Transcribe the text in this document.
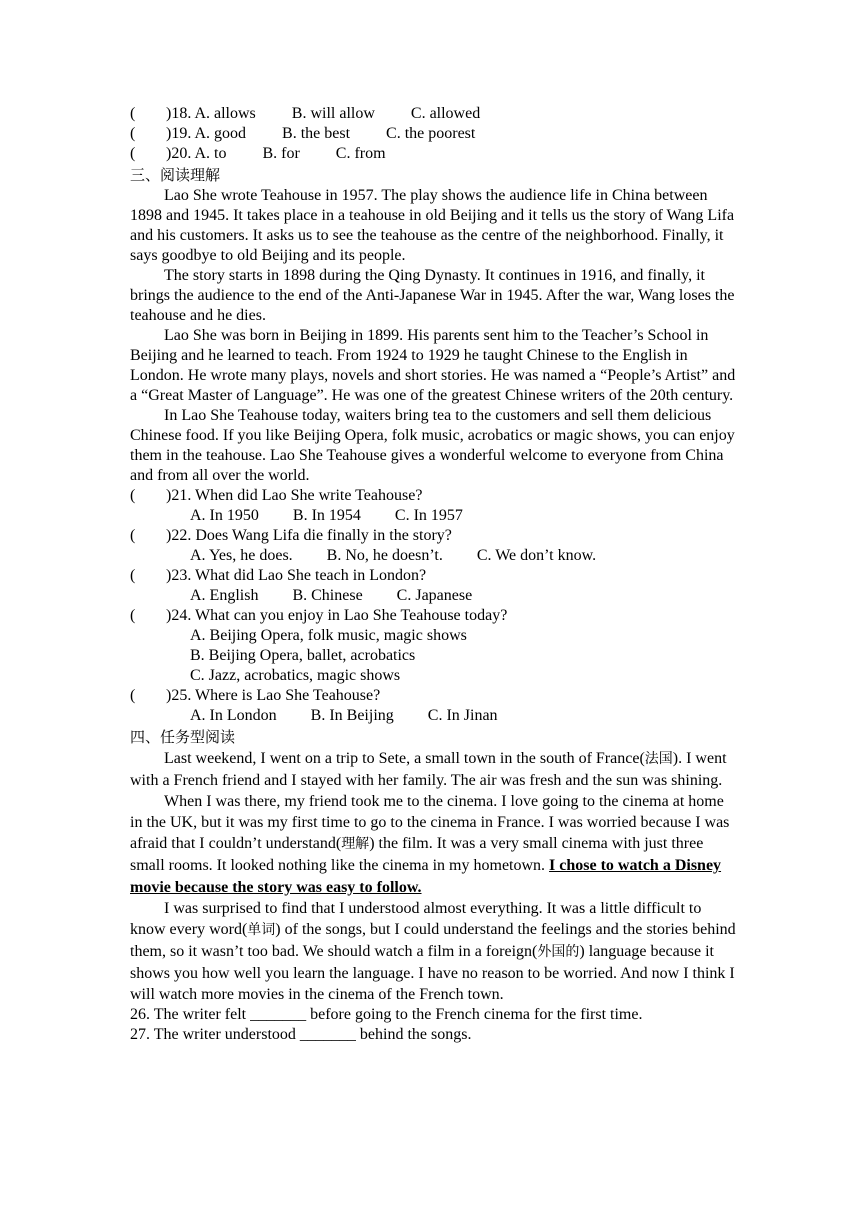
( )18. A. allows B. will allow C. allowed
( )19. A. good B. the best C. the poorest
( )20. A. to B. for C. from
三、阅读理解

Lao She wrote Teahouse in 1957. The play shows the audience life in China between 1898 and 1945. It takes place in a teahouse in old Beijing and it tells us the story of Wang Lifa and his customers. It asks us to see the teahouse as the centre of the neighborhood. Finally, it says goodbye to old Beijing and its people.

The story starts in 1898 during the Qing Dynasty. It continues in 1916, and finally, it brings the audience to the end of the Anti-Japanese War in 1945. After the war, Wang loses the teahouse and he dies.

Lao She was born in Beijing in 1899. His parents sent him to the Teacher’s School in Beijing and he learned to teach. From 1924 to 1929 he taught Chinese to the English in London. He wrote many plays, novels and short stories. He was named a “People’s Artist” and a “Great Master of Language”. He was one of the greatest Chinese writers of the 20th century.

In Lao She Teahouse today, waiters bring tea to the customers and sell them delicious Chinese food. If you like Beijing Opera, folk music, acrobatics or magic shows, you can enjoy them in the teahouse. Lao She Teahouse gives a wonderful welcome to everyone from China and from all over the world.

( )21. When did Lao She write Teahouse?
A. In 1950 B. In 1954 C. In 1957
( )22. Does Wang Lifa die finally in the story?
A. Yes, he does. B. No, he doesn’t. C. We don’t know.
( )23. What did Lao She teach in London?
A. English B. Chinese C. Japanese
( )24. What can you enjoy in Lao She Teahouse today?
A. Beijing Opera, folk music, magic shows
B. Beijing Opera, ballet, acrobatics
C. Jazz, acrobatics, magic shows
( )25. Where is Lao She Teahouse?
A. In London B. In Beijing C. In Jinan
四、任务型阅读

Last weekend, I went on a trip to Sete, a small town in the south of France(法国). I went with a French friend and I stayed with her family. The air was fresh and the sun was shining.

When I was there, my friend took me to the cinema. I love going to the cinema at home in the UK, but it was my first time to go to the cinema in France. I was worried because I was afraid that I couldn’t understand(理解) the film. It was a very small cinema with just three small rooms. It looked nothing like the cinema in my hometown. I chose to watch a Disney movie because the story was easy to follow.

I was surprised to find that I understood almost everything. It was a little difficult to know every word(单词) of the songs, but I could understand the feelings and the stories behind them, so it wasn’t too bad. We should watch a film in a foreign(外国的) language because it shows you how well you learn the language. I have no reason to be worried. And now I think I will watch more movies in the cinema of the French town.

26. The writer felt _______ before going to the French cinema for the first time.
27. The writer understood _______ behind the songs.
